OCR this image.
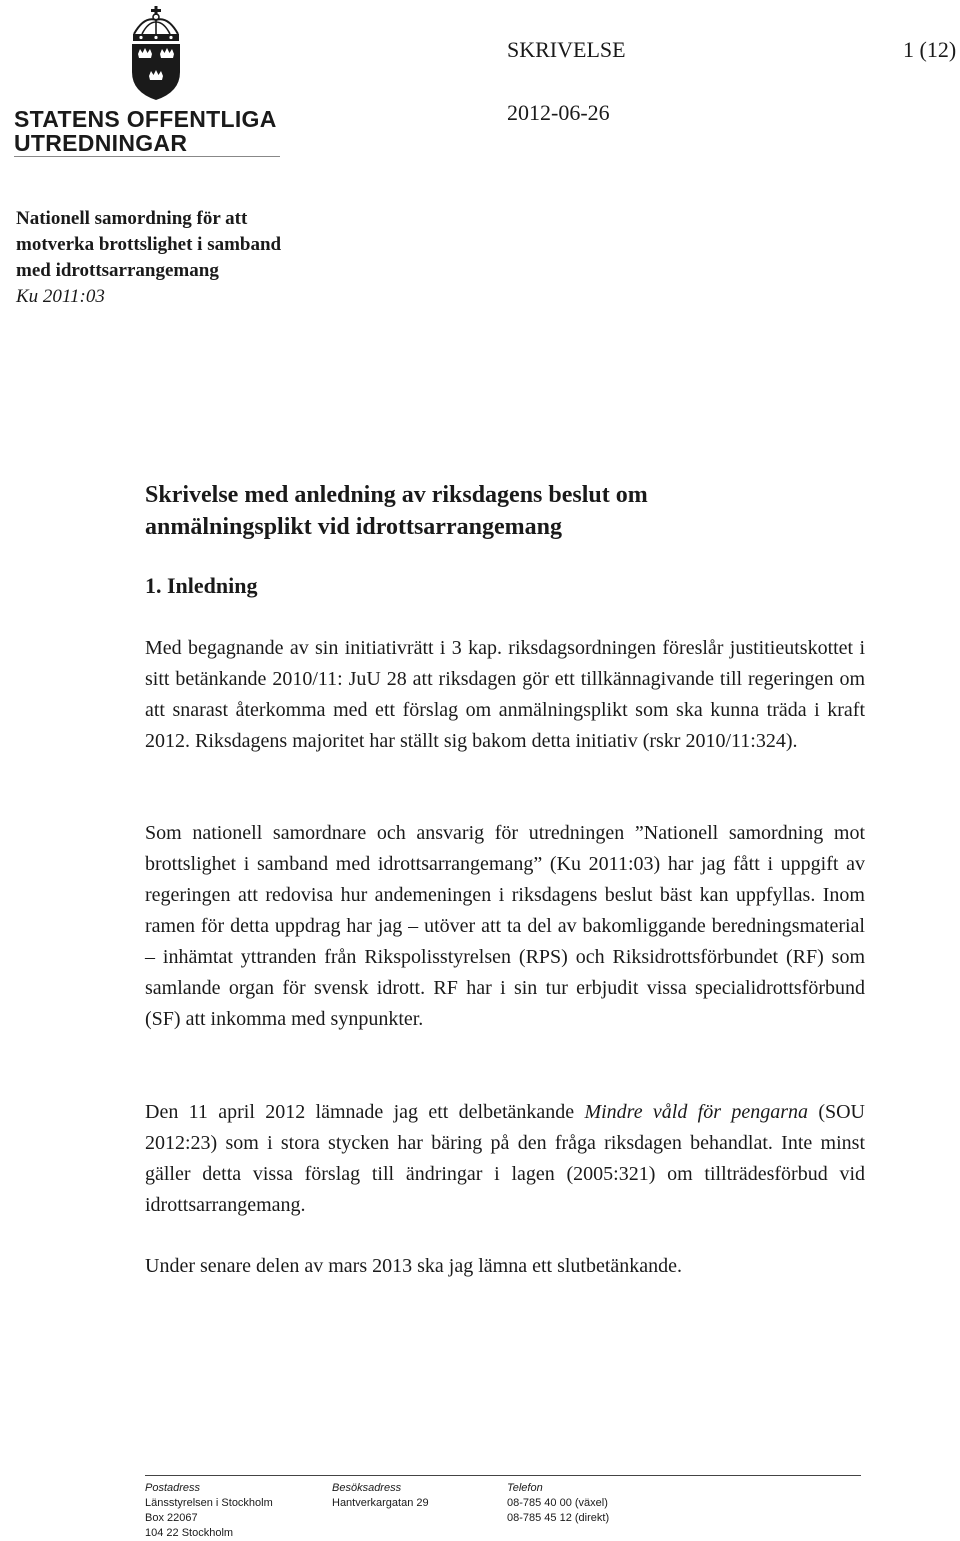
STATENS OFFENTLIGA
UTREDNINGAR
SKRIVELSE	1 (12)
2012-06-26
Nationell samordning för att
motverka brottslighet i samband
med idrottsarrangemang
Ku 2011:03
Skrivelse med anledning av riksdagens beslut om
anmälningsplikt vid idrottsarrangemang
1. Inledning

Med begagnande av sin initiativrätt i 3 kap. riksdagsordningen föreslår justitieutskottet i sitt betänkande 2010/11: JuU 28 att riksdagen gör ett tillkännagivande till regeringen om att snarast återkomma med ett förslag om anmälningsplikt som ska kunna träda i kraft 2012. Riksdagens majoritet har ställt sig bakom detta initiativ (rskr 2010/11:324).

Som nationell samordnare och ansvarig för utredningen ”Nationell samordning mot brottslighet i samband med idrottsarrangemang” (Ku 2011:03) har jag fått i uppgift av regeringen att redovisa hur andemeningen i riksdagens beslut bäst kan uppfyllas. Inom ramen för detta uppdrag har jag – utöver att ta del av bakomliggande beredningsmaterial – inhämtat yttranden från Rikspolisstyrelsen (RPS) och Riksidrottsförbundet (RF) som samlande organ för svensk idrott. RF har i sin tur erbjudit vissa specialidrottsförbund (SF) att inkomma med synpunkter.

Den 11 april 2012 lämnade jag ett delbetänkande Mindre våld för pengarna (SOU 2012:23) som i stora stycken har bäring på den fråga riksdagen behandlat. Inte minst gäller detta vissa förslag till ändringar i lagen (2005:321) om tillträdesförbud vid idrottsarrangemang.

Under senare delen av mars 2013 ska jag lämna ett slutbetänkande.

Postadress
Länsstyrelsen i Stockholm
Box 22067
104 22 Stockholm
Besöksadress
Hantverkargatan 29
Telefon
08-785 40 00 (växel)
08-785 45 12 (direkt)
